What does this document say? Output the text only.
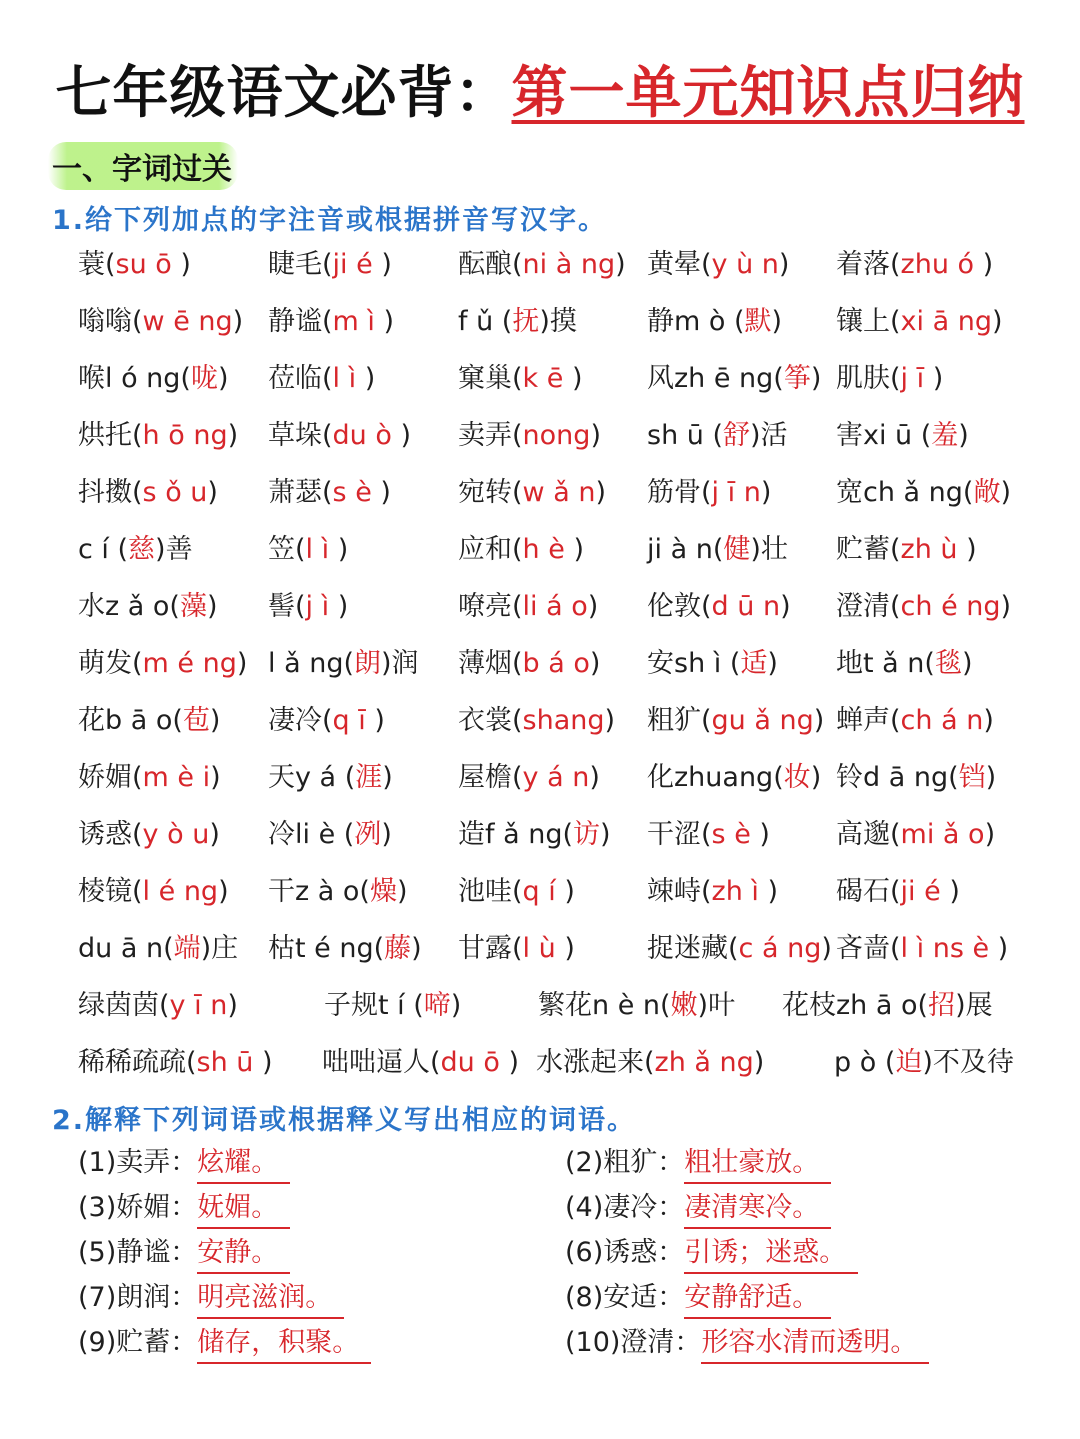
七年级语文必背：第一单元知识点归纳
一、字词过关
1.给下列加点的字注音或根据拼音写汉字。
蓑(su ō )	睫毛(ji é ) 酝酿(ni à ng) 黄晕(y ù n) 着落(zhu ó )
嗡嗡(w ē ng) 静谧(m ì ) f ǔ (抚)摸	静m ò (默) 镶上(xi ā ng)
喉l ó ng(咙) 莅临(l ì )	窠巢(k ē ) 风zh ē ng(筝) 肌肤(j ī )
烘托(h ō ng) 草垛(du ò ) 卖弄(nong) sh ū (舒)活 害xi ū (羞)
抖擞(s ǒ u) 萧瑟(s è ) 宛转(w ǎ n) 筋骨(j ī n) 宽ch ǎ ng(敞)
c í (慈)善	笠(l ì )	应和(h è ) ji à n(健)壮 贮蓄(zh ù )
水z ǎ o(藻) 髻(j ì )	嘹亮(li á o) 伦敦(d ū n) 澄清(ch é ng)
萌发(m é ng) l ǎ ng(朗)润 薄烟(b á o) 安sh ì (适) 地t ǎ n(毯)
花b ā o(苞) 凄冷(q ī )	衣裳(shang) 粗犷(gu ǎ ng) 蝉声(ch á n)
娇媚(m è i) 天y á (涯) 屋檐(y á n) 化zhuang(妆) 铃d ā ng(铛)
诱惑(y ò u) 冷li è (冽) 造f ǎ ng(访) 干涩(s è ) 高邈(mi ǎ o)
棱镜(l é ng) 干z à o(燥) 池哇(q í )	竦峙(zh ì ) 碣石(ji é )
du ā n(端)庄 枯t é ng(藤) 甘露(l ù )	捉迷藏(c á ng) 吝啬(l ì ns è )
绿茵茵(y ī n)	子规t í (啼)	繁花n è n(嫩)叶 花枝zh ā o(招)展
稀稀疏疏(sh ū ) 咄咄逼人(du ō ) 水涨起来(zh ǎ ng)	p ò (迫)不及待
2.解释下列词语或根据释义写出相应的词语。
(1)卖弄：炫耀。	(2)粗犷：粗壮豪放。
(3)娇媚：妩媚。	(4)凄冷：凄清寒冷。
(5)静谧：安静。	(6)诱惑：引诱；迷惑。
(7)朗润：明亮滋润。	(8)安适：安静舒适。
(9)贮蓄：储存，积聚。	(10)澄清：形容水清而透明。
